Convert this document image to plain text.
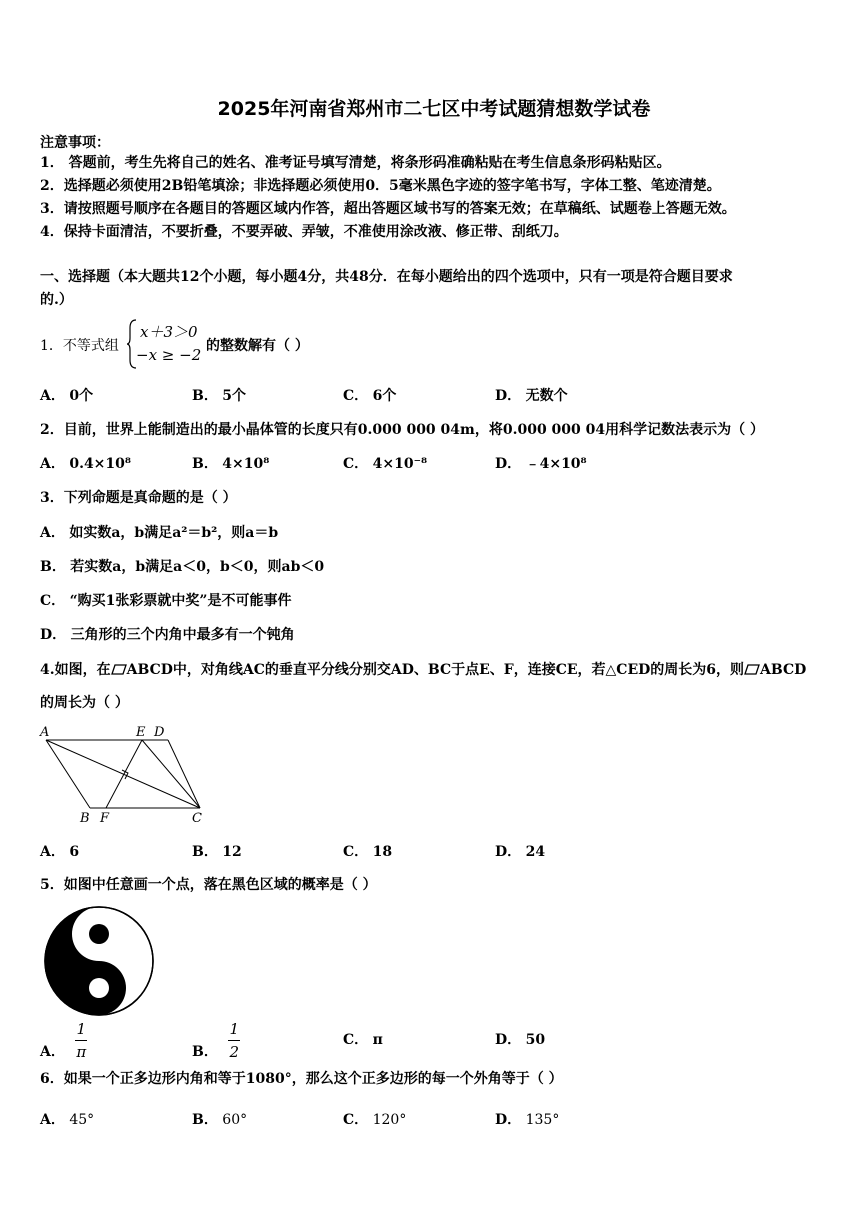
2025年河南省郑州市二七区中考试题猜想数学试卷
注意事项：
1． 答题前，考生先将自己的姓名、准考证号填写清楚，将条形码准确粘贴在考生信息条形码粘贴区。
2．选择题必须使用2B铅笔填涂；非选择题必须使用0．5毫米黑色字迹的签字笔书写，字体工整、笔迹清楚。
3．请按照题号顺序在各题目的答题区域内作答，超出答题区域书写的答案无效；在草稿纸、试题卷上答题无效。
4．保持卡面清洁，不要折叠，不要弄破、弄皱，不准使用涂改液、修正带、刮纸刀。
一、选择题（本大题共12个小题，每小题4分，共48分．在每小题给出的四个选项中，只有一项是符合题目要求
的.）
1．不等式组
x＋3＞0
−x ≥ −2 的整数解有（ ）
A． 0个	B． 5个	C． 6个	D． 无数个
2．目前，世界上能制造出的最小晶体管的长度只有0.000 000 04m，将0.000 000 04用科学记数法表示为（ ）
A． 0.4×10⁸	B． 4×10⁸	C． 4×10⁻⁸	D． ﹣4×10⁸
3．下列命题是真命题的是（ ）
A． 如实数a，b满足a²＝b²，则a＝b
B． 若实数a，b满足a＜0，b＜0，则ab＜0
C． “购买1张彩票就中奖”是不可能事件
D． 三角形的三个内角中最多有一个钝角
4.如图，在 ABCD中，对角线AC的垂直平分线分别交AD、BC于点E、F，连接CE，若△CED的周长为6，则 ABCD
的周长为（ ）
A	E D
B F	C
A． 6	B． 12	C． 18	D． 24
5．如图中任意画一个点，落在黑色区域的概率是（ ）
A． $\frac{1}{\pi}$	B． $\frac{1}{2}$	C． π	D． 50
6．如果一个正多边形内角和等于1080°，那么这个正多边形的每一个外角等于（ ）
A． 45°	B． 60°	C． 120°	D． 135°
